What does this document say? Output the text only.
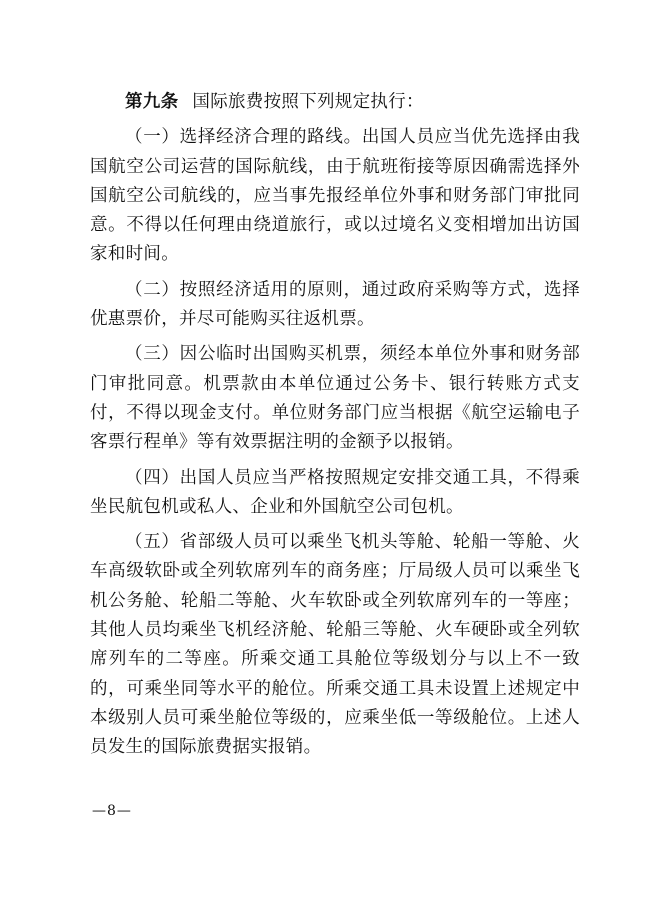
第九条 国际旅费按照下列规定执行：

（一）选择经济合理的路线。出国人员应当优先选择由我国航空公司运营的国际航线，由于航班衔接等原因确需选择外国航空公司航线的，应当事先报经单位外事和财务部门审批同意。不得以任何理由绕道旅行，或以过境名义变相增加出访国家和时间。

（二）按照经济适用的原则，通过政府采购等方式，选择优惠票价，并尽可能购买往返机票。

（三）因公临时出国购买机票，须经本单位外事和财务部门审批同意。机票款由本单位通过公务卡、银行转账方式支付，不得以现金支付。单位财务部门应当根据《航空运输电子客票行程单》等有效票据注明的金额予以报销。

（四）出国人员应当严格按照规定安排交通工具，不得乘坐民航包机或私人、企业和外国航空公司包机。

（五）省部级人员可以乘坐飞机头等舱、轮船一等舱、火车高级软卧或全列软席列车的商务座；厅局级人员可以乘坐飞机公务舱、轮船二等舱、火车软卧或全列软席列车的一等座；其他人员均乘坐飞机经济舱、轮船三等舱、火车硬卧或全列软席列车的二等座。所乘交通工具舱位等级划分与以上不一致的，可乘坐同等水平的舱位。所乘交通工具未设置上述规定中本级别人员可乘坐舱位等级的，应乘坐低一等级舱位。上述人员发生的国际旅费据实报销。

—8—
